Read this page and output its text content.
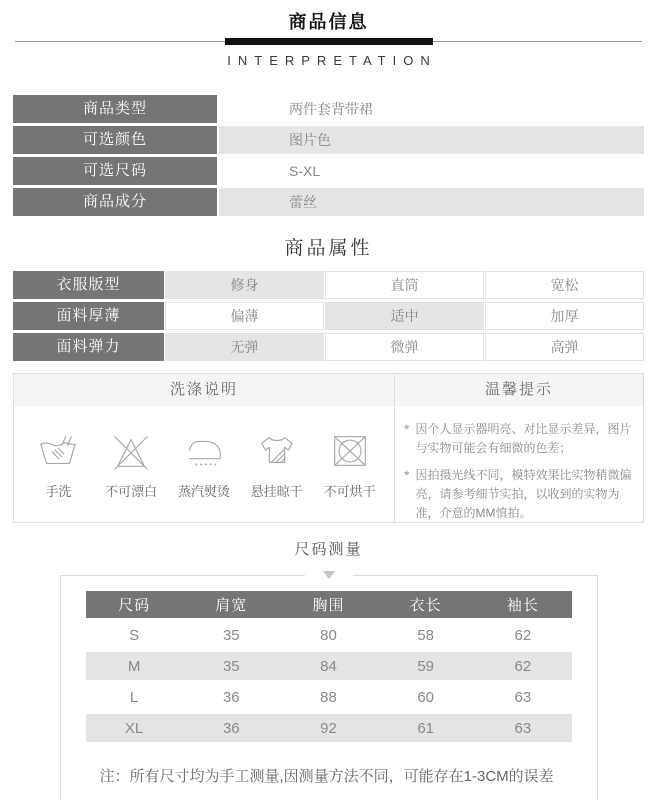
商品信息
INTERPRETATION
商品类型	两件套背带裙
可选颜色	图片色
可选尺码	S-XL
商品成分	蕾丝
商品属性
衣服版型	修身	直筒	宽松
面料厚薄	偏薄	适中	加厚
面料弹力	无弹	微弹	高弹
洗涤说明
手洗	不可漂白	蒸汽熨烫	悬挂晾干	不可烘干
温馨提示
* 因个人显示器明亮、对比显示差异，图片与实物可能会有细微的色差；

* 因拍摄光线不同，模特效果比实物稍微偏亮，请参考细节实拍，以收到的实物为准，介意的MM慎拍。

尺码测量
尺码	肩宽	胸围	衣长	袖长
S	35	80	58	62
M	35	84	59	62
L	36	88	60	63
XL	36	92	61	63

注：所有尺寸均为手工测量,因测量方法不同，可能存在1-3CM的误差
